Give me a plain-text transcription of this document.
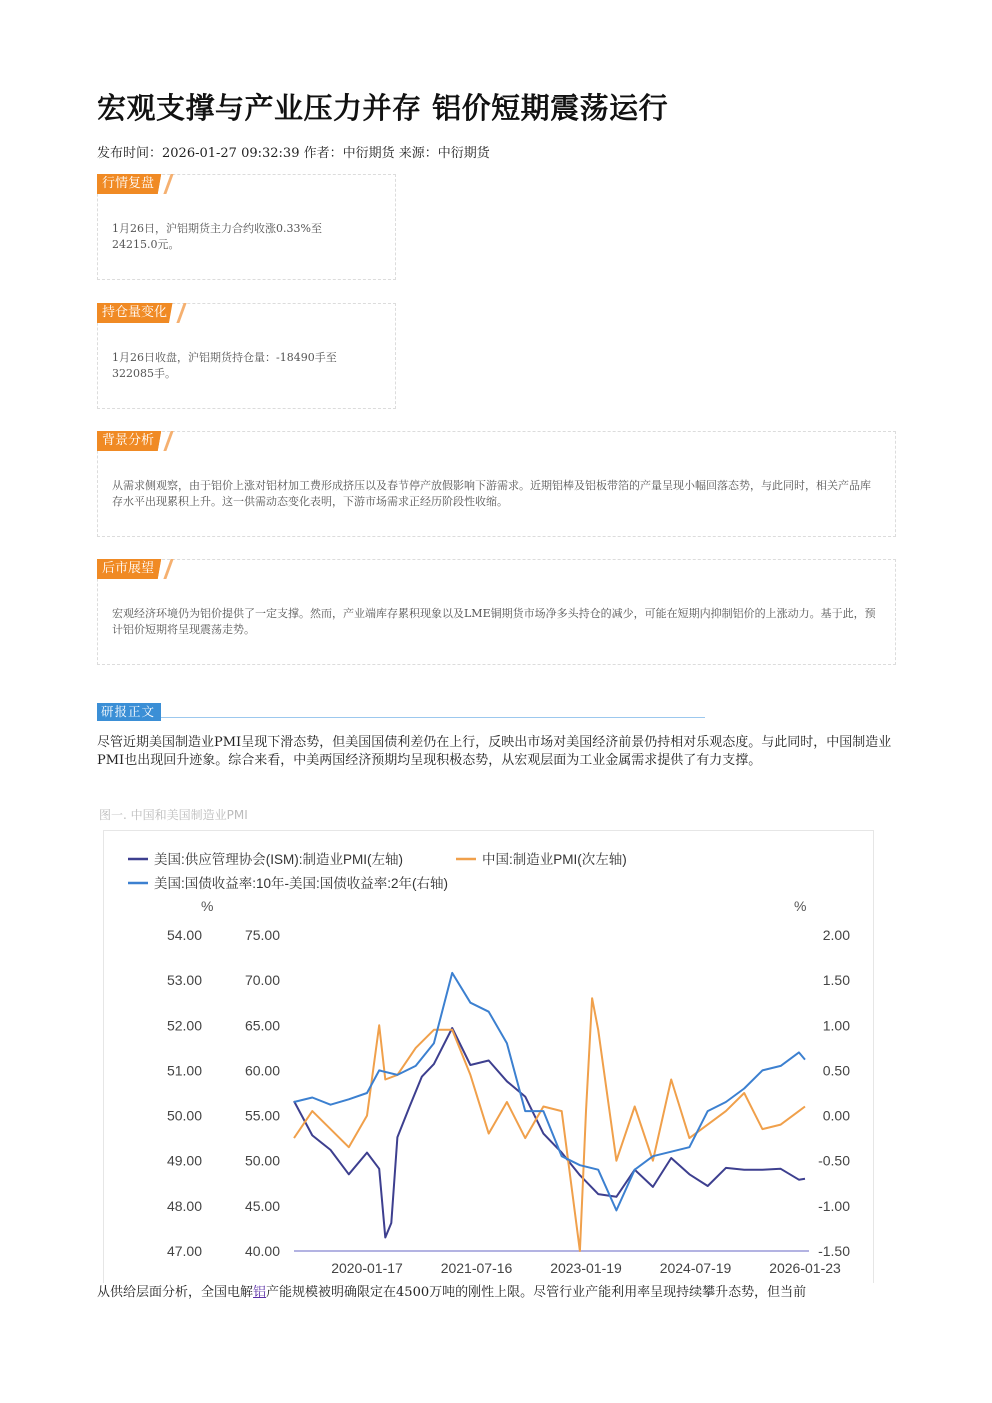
宏观支撑与产业压力并存 铝价短期震荡运行
发布时间：2026-01-27 09:32:39 作者：中衍期货 来源：中衍期货
行情复盘
1月26日，沪铝期货主力合约收涨0.33%至24215.0元。
持仓量变化
1月26日收盘，沪铝期货持仓量：-18490手至322085手。
背景分析
从需求侧观察，由于铝价上涨对铝材加工费形成挤压以及春节停产放假影响下游需求。近期铝棒及铝板带箔的产量呈现小幅回落态势，与此同时，相关产品库存水平出现累积上升。这一供需动态变化表明，下游市场需求正经历阶段性收缩。
后市展望
宏观经济环境仍为铝价提供了一定支撑。然而，产业端库存累积现象以及LME铜期货市场净多头持仓的减少，可能在短期内抑制铝价的上涨动力。基于此，预计铝价短期将呈现震荡走势。
研报正文
尽管近期美国制造业PMI呈现下滑态势，但美国国债利差仍在上行，反映出市场对美国经济前景仍持相对乐观态度。与此同时，中国制造业PMI也出现回升迹象。综合来看，中美两国经济预期均呈现积极态势，从宏观层面为工业金属需求提供了有力支撑。
图一. 中国和美国制造业PMI
美国:供应管理协会(ISM):制造业PMI(左轴)	中国:制造业PMI(次左轴)
美国:国债收益率:10年-美国:国债收益率:2年(右轴)
%	%
54.00
53.00
52.00
51.00
50.00
49.00
48.00
47.00
75.00
70.00
65.00
60.00
55.00
50.00
45.00
40.00
2.00
1.50
1.00
0.50
0.00
-0.50
-1.00
-1.50
2020-01-17	2021-07-16	2023-01-19	2024-07-19	2026-01-23
从供给层面分析，全国电解铝产能规模被明确限定在4500万吨的刚性上限。尽管行业产能利用率呈现持续攀升态势，但当前
